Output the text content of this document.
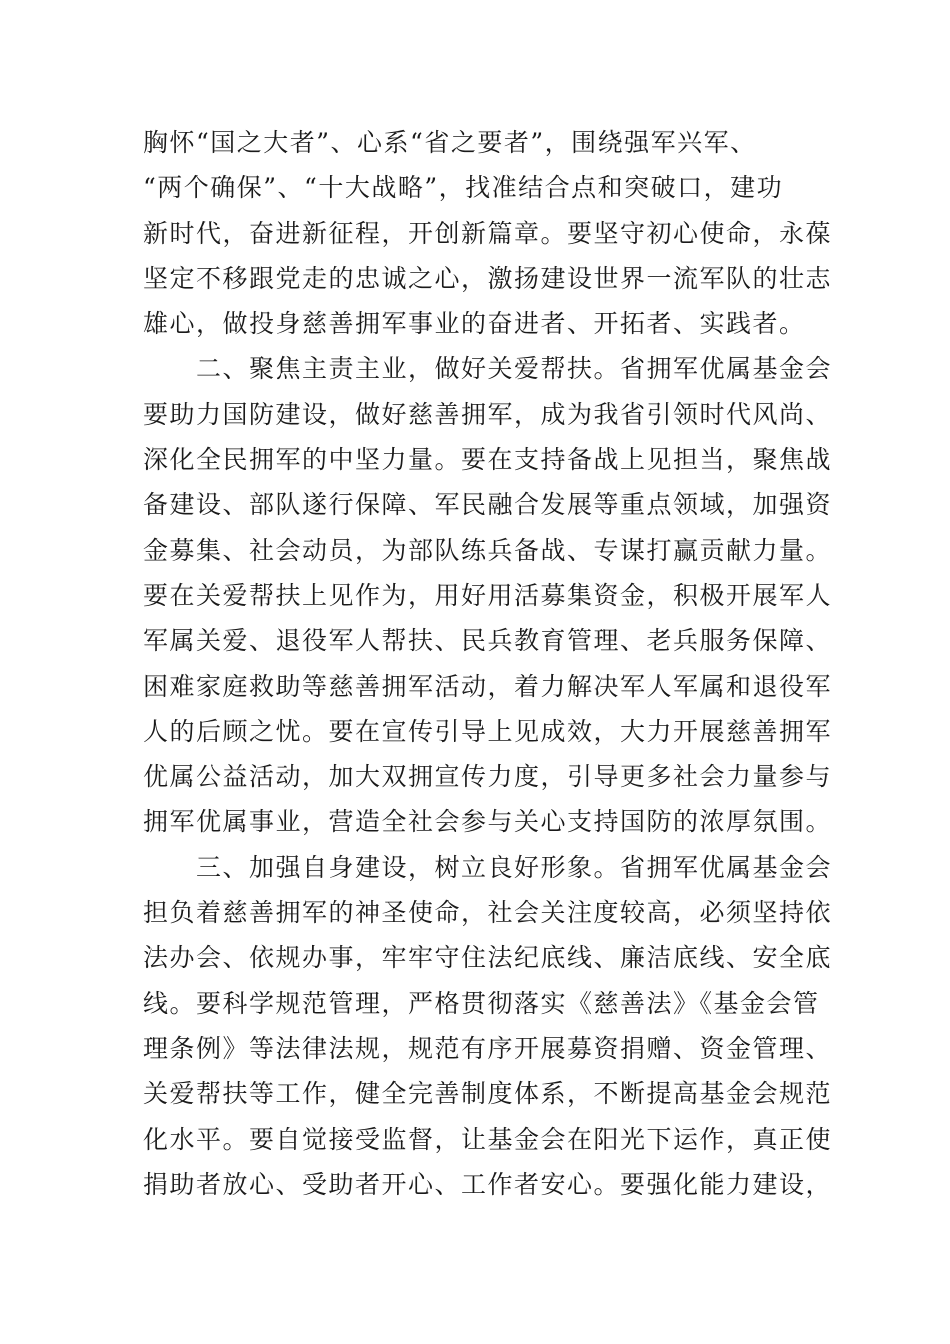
胸怀“国之大者”、心系“省之要者”，围绕强军兴军、
“两个确保”、“十大战略”，找准结合点和突破口，建功
新时代，奋进新征程，开创新篇章。要坚守初心使命，永葆
坚定不移跟党走的忠诚之心，激扬建设世界一流军队的壮志
雄心，做投身慈善拥军事业的奋进者、开拓者、实践者。
　　二、聚焦主责主业，做好关爱帮扶。省拥军优属基金会
要助力国防建设，做好慈善拥军，成为我省引领时代风尚、
深化全民拥军的中坚力量。要在支持备战上见担当，聚焦战
备建设、部队遂行保障、军民融合发展等重点领域，加强资
金募集、社会动员，为部队练兵备战、专谋打赢贡献力量。
要在关爱帮扶上见作为，用好用活募集资金，积极开展军人
军属关爱、退役军人帮扶、民兵教育管理、老兵服务保障、
困难家庭救助等慈善拥军活动，着力解决军人军属和退役军
人的后顾之忧。要在宣传引导上见成效，大力开展慈善拥军
优属公益活动，加大双拥宣传力度，引导更多社会力量参与
拥军优属事业，营造全社会参与关心支持国防的浓厚氛围。
　　三、加强自身建设，树立良好形象。省拥军优属基金会
担负着慈善拥军的神圣使命，社会关注度较高，必须坚持依
法办会、依规办事，牢牢守住法纪底线、廉洁底线、安全底
线。要科学规范管理，严格贯彻落实《慈善法》《基金会管
理条例》等法律法规，规范有序开展募资捐赠、资金管理、
关爱帮扶等工作，健全完善制度体系，不断提高基金会规范
化水平。要自觉接受监督，让基金会在阳光下运作，真正使
捐助者放心、受助者开心、工作者安心。要强化能力建设，
